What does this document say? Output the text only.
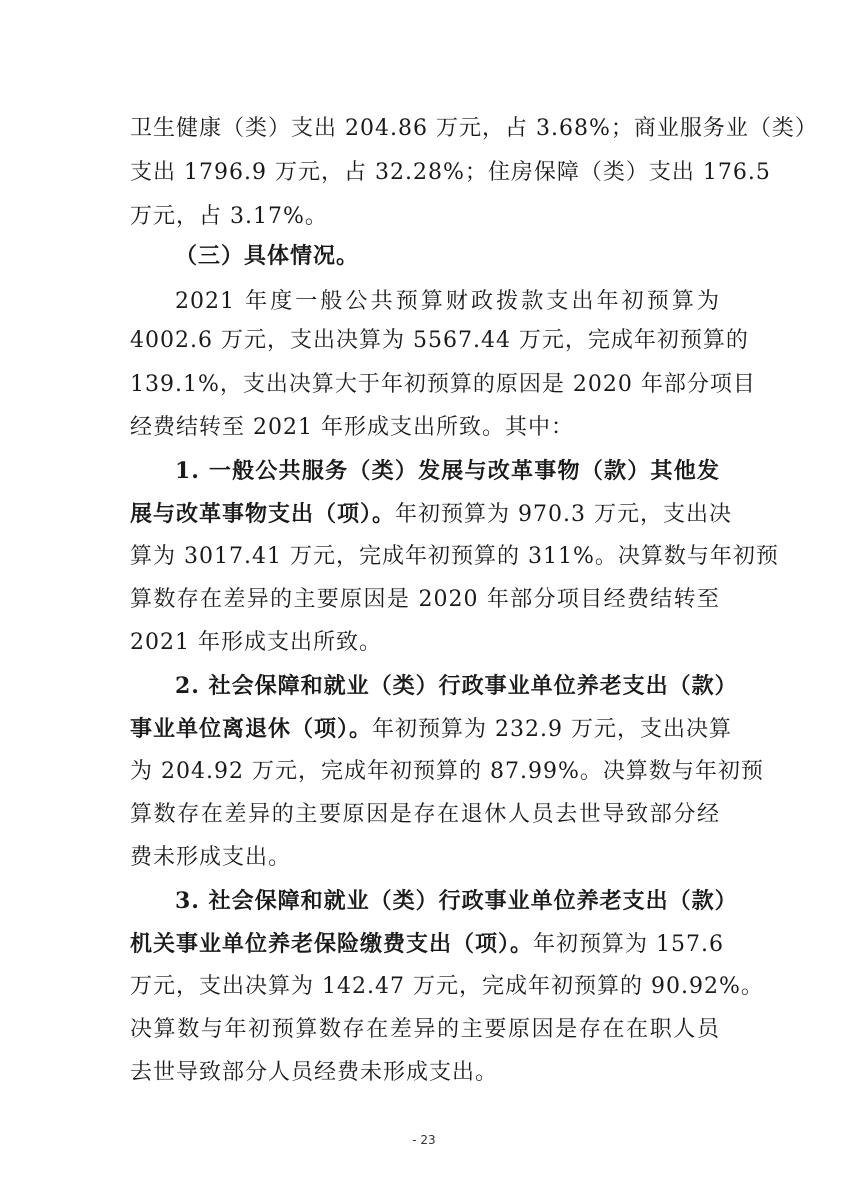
卫生健康（类）支出 204.86 万元，占 3.68%；商业服务业（类）
支出 1796.9 万元，占 32.28%；住房保障（类）支出 176.5
万元，占 3.17%。
（三）具体情况。
2021 年度一般公共预算财政拨款支出年初预算为
4002.6 万元，支出决算为 5567.44 万元，完成年初预算的
139.1%，支出决算大于年初预算的原因是 2020 年部分项目
经费结转至 2021 年形成支出所致。其中：
1. 一般公共服务（类）发展与改革事物（款）其他发
展与改革事物支出（项）。年初预算为 970.3 万元，支出决
算为 3017.41 万元，完成年初预算的 311%。决算数与年初预
算数存在差异的主要原因是 2020 年部分项目经费结转至
2021 年形成支出所致。
2. 社会保障和就业（类）行政事业单位养老支出（款）
事业单位离退休（项）。年初预算为 232.9 万元，支出决算
为 204.92 万元，完成年初预算的 87.99%。决算数与年初预
算数存在差异的主要原因是存在退休人员去世导致部分经
费未形成支出。
3. 社会保障和就业（类）行政事业单位养老支出（款）
机关事业单位养老保险缴费支出（项）。年初预算为 157.6
万元，支出决算为 142.47 万元，完成年初预算的 90.92%。
决算数与年初预算数存在差异的主要原因是存在在职人员
去世导致部分人员经费未形成支出。
- 23
